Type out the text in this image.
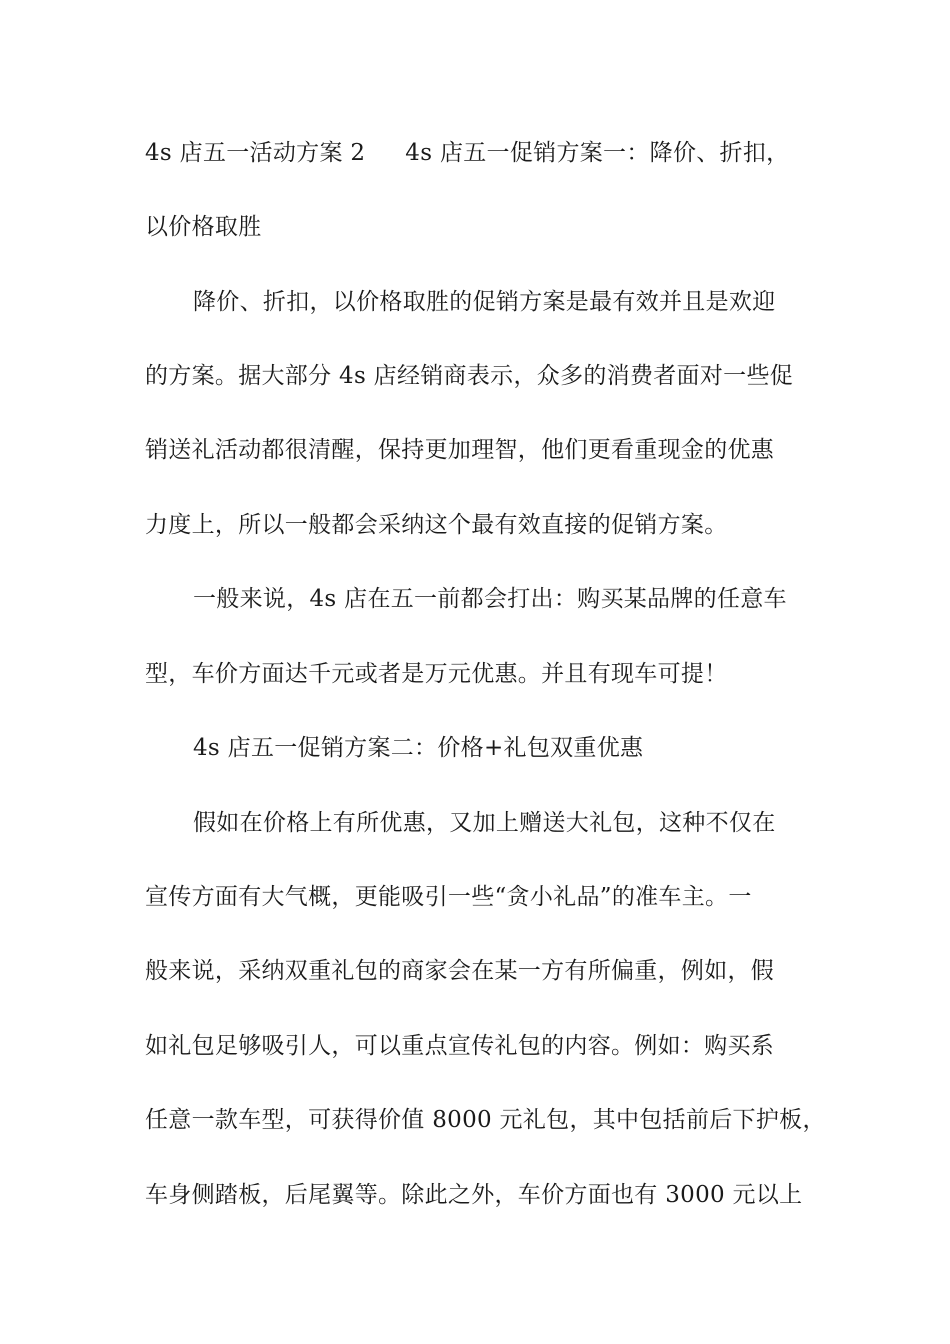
4s 店五一活动方案 2 4s 店五一促销方案一：降价、折扣，
以价格取胜
降价、折扣，以价格取胜的促销方案是最有效并且是欢迎
的方案。据大部分 4s 店经销商表示，众多的消费者面对一些促
销送礼活动都很清醒，保持更加理智，他们更看重现金的优惠
力度上，所以一般都会采纳这个最有效直接的促销方案。
一般来说，4s 店在五一前都会打出：购买某品牌的任意车
型，车价方面达千元或者是万元优惠。并且有现车可提！
4s 店五一促销方案二：价格+礼包双重优惠
假如在价格上有所优惠，又加上赠送大礼包，这种不仅在
宣传方面有大气概，更能吸引一些“贪小礼品”的准车主。一
般来说，采纳双重礼包的商家会在某一方有所偏重，例如，假
如礼包足够吸引人，可以重点宣传礼包的内容。例如：购买系
任意一款车型，可获得价值 8000 元礼包，其中包括前后下护板，
车身侧踏板，后尾翼等。除此之外，车价方面也有 3000 元以上
